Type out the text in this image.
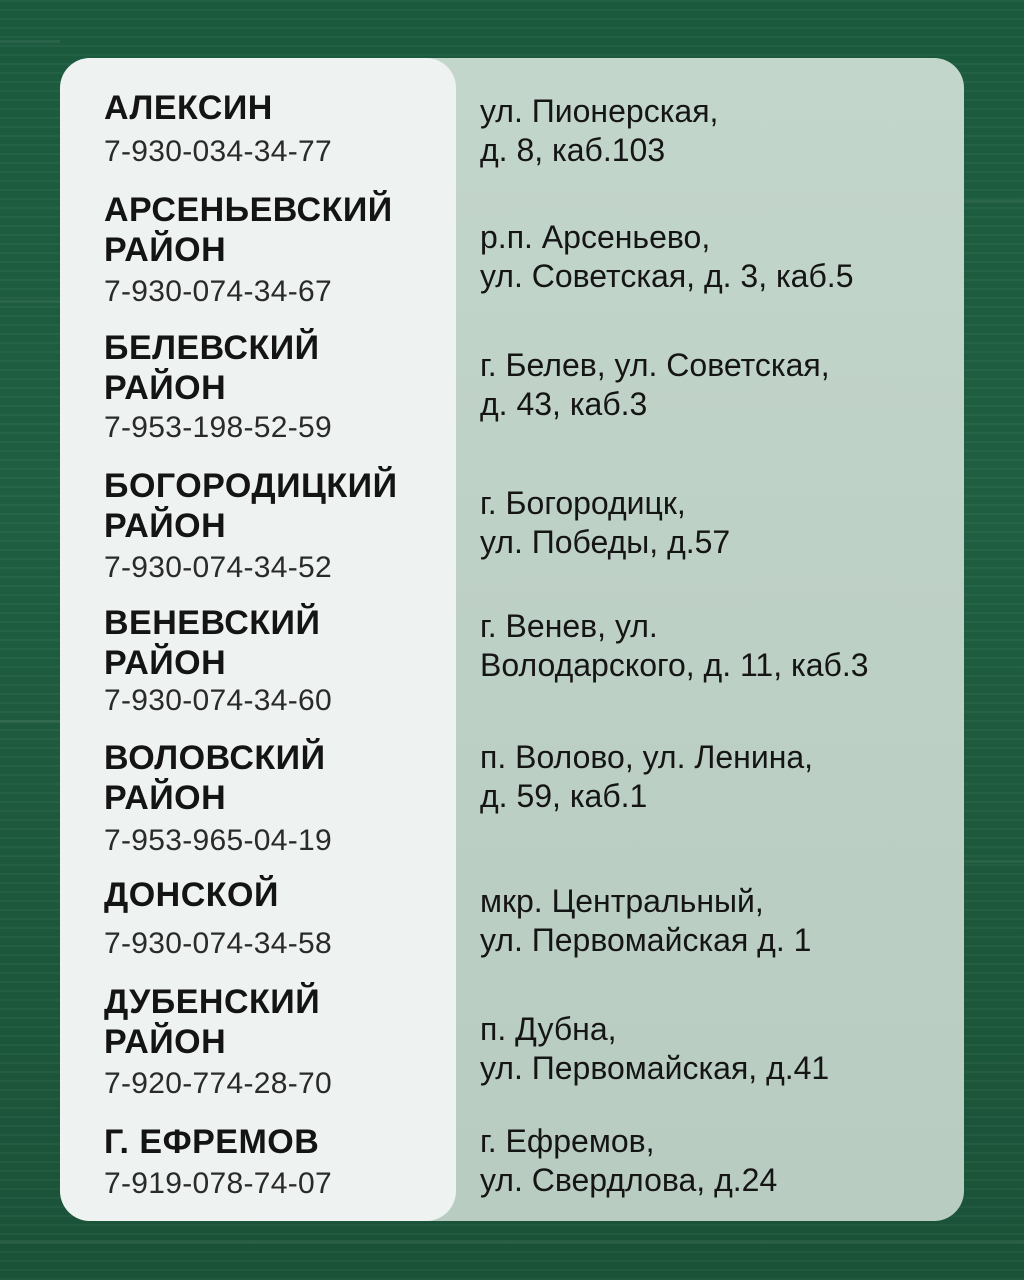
АЛЕКСИН
7-930-034-34-77
ул. Пионерская,
д. 8, каб.103
АРСЕНЬЕВСКИЙ
РАЙОН
7-930-074-34-67
р.п. Арсеньево,
ул. Советская, д. 3, каб.5
БЕЛЕВСКИЙ
РАЙОН
7-953-198-52-59
г. Белев, ул. Советская,
д. 43, каб.3
БОГОРОДИЦКИЙ
РАЙОН
7-930-074-34-52
г. Богородицк,
ул. Победы, д.57
ВЕНЕВСКИЙ
РАЙОН
7-930-074-34-60
г. Венев, ул.
Володарского, д. 11, каб.3
ВОЛОВСКИЙ
РАЙОН
7-953-965-04-19
п. Волово, ул. Ленина,
д. 59, каб.1
ДОНСКОЙ
7-930-074-34-58
мкр. Центральный,
ул. Первомайская д. 1
ДУБЕНСКИЙ
РАЙОН
7-920-774-28-70
п. Дубна,
ул. Первомайская, д.41
Г. ЕФРЕМОВ
7-919-078-74-07
г. Ефремов,
ул. Свердлова, д.24
